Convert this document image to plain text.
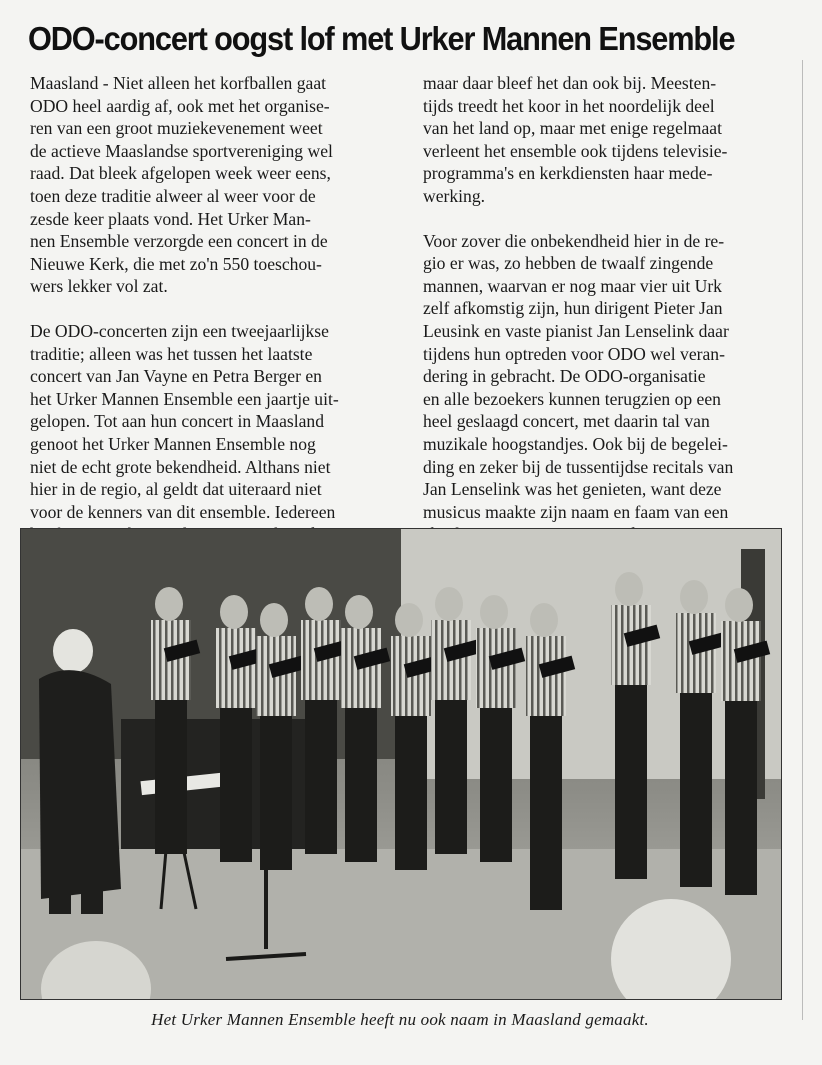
ODO-concert oogst lof met Urker Mannen Ensemble

Maasland - Niet alleen het korfballen gaat
ODO heel aardig af, ook met het organise-
ren van een groot muziekevenement weet
de actieve Maaslandse sportvereniging wel
raad. Dat bleek afgelopen week weer eens,
toen deze traditie alweer al weer voor de
zesde keer plaats vond. Het Urker Man-
nen Ensemble verzorgde een concert in de
Nieuwe Kerk, die met zo'n 550 toeschou-
wers lekker vol zat.

De ODO-concerten zijn een tweejaarlijkse
traditie; alleen was het tussen het laatste
concert van Jan Vayne en Petra Berger en
het Urker Mannen Ensemble een jaartje uit-
gelopen. Tot aan hun concert in Maasland
genoot het Urker Mannen Ensemble nog
niet de echt grote bekendheid. Althans niet
hier in de regio, al geldt dat uiteraard niet
voor de kenners van dit ensemble. Iedereen

maar daar bleef het dan ook bij. Meesten-
tijds treedt het koor in het noordelijk deel
van het land op, maar met enige regelmaat
verleent het ensemble ook tijdens televisie-
programma's en kerkdiensten haar mede-
werking.

Voor zover die onbekendheid hier in de re-
gio er was, zo hebben de twaalf zingende
mannen, waarvan er nog maar vier uit Urk
zelf afkomstig zijn, hun dirigent Pieter Jan
Leusink en vaste pianist Jan Lenselink daar
tijdens hun optreden voor ODO wel veran-
dering in gebracht. De ODO-organisatie
en alle bezoekers kunnen terugzien op een
heel geslaagd concert, met daarin tal van
muzikale hoogstandjes. Ook bij de begelei-
ding en zeker bij de tussentijdse recitals van
Jan Lenselink was het genieten, want deze
musicus maakte zijn naam en faam van een

Het Urker Mannen Ensemble heeft nu ook naam in Maasland gemaakt.
